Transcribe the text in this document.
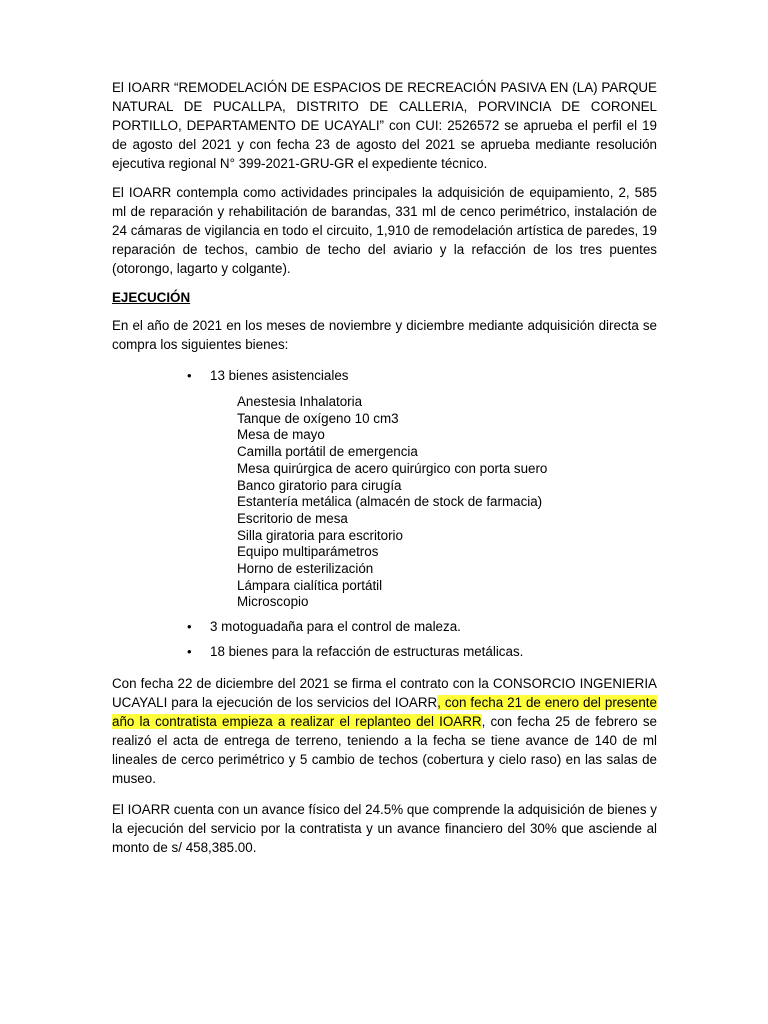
El IOARR “REMODELACIÓN DE ESPACIOS DE RECREACIÓN PASIVA EN (LA) PARQUE NATURAL DE PUCALLPA, DISTRITO DE CALLERIA, PORVINCIA DE CORONEL PORTILLO, DEPARTAMENTO DE UCAYALI” con CUI: 2526572 se aprueba el perfil el 19 de agosto del 2021 y con fecha 23 de agosto del 2021 se aprueba mediante resolución ejecutiva regional N° 399-2021-GRU-GR el expediente técnico.

El IOARR contempla como actividades principales la adquisición de equipamiento, 2, 585 ml de reparación y rehabilitación de barandas, 331 ml de cenco perimétrico, instalación de 24 cámaras de vigilancia en todo el circuito, 1,910 de remodelación artística de paredes, 19 reparación de techos, cambio de techo del aviario y la refacción de los tres puentes (otorongo, lagarto y colgante).

EJECUCIÓN

En el año de 2021 en los meses de noviembre y diciembre mediante adquisición directa se compra los siguientes bienes:

• 13 bienes asistenciales
Anestesia Inhalatoria
Tanque de oxígeno 10 cm3
Mesa de mayo
Camilla portátil de emergencia
Mesa quirúrgica de acero quirúrgico con porta suero
Banco giratorio para cirugía
Estantería metálica (almacén de stock de farmacia)
Escritorio de mesa
Silla giratoria para escritorio
Equipo multiparámetros
Horno de esterilización
Lámpara cialítica portátil
Microscopio
• 3 motoguadaña para el control de maleza.
• 18 bienes para la refacción de estructuras metálicas.

Con fecha 22 de diciembre del 2021 se firma el contrato con la CONSORCIO INGENIERIA UCAYALI para la ejecución de los servicios del IOARR, con fecha 21 de enero del presente año la contratista empieza a realizar el replanteo del IOARR, con fecha 25 de febrero se realizó el acta de entrega de terreno, teniendo a la fecha se tiene avance de 140 de ml lineales de cerco perimétrico y 5 cambio de techos (cobertura y cielo raso) en las salas de museo.

El IOARR cuenta con un avance físico del 24.5% que comprende la adquisición de bienes y la ejecución del servicio por la contratista y un avance financiero del 30% que asciende al monto de s/ 458,385.00.
